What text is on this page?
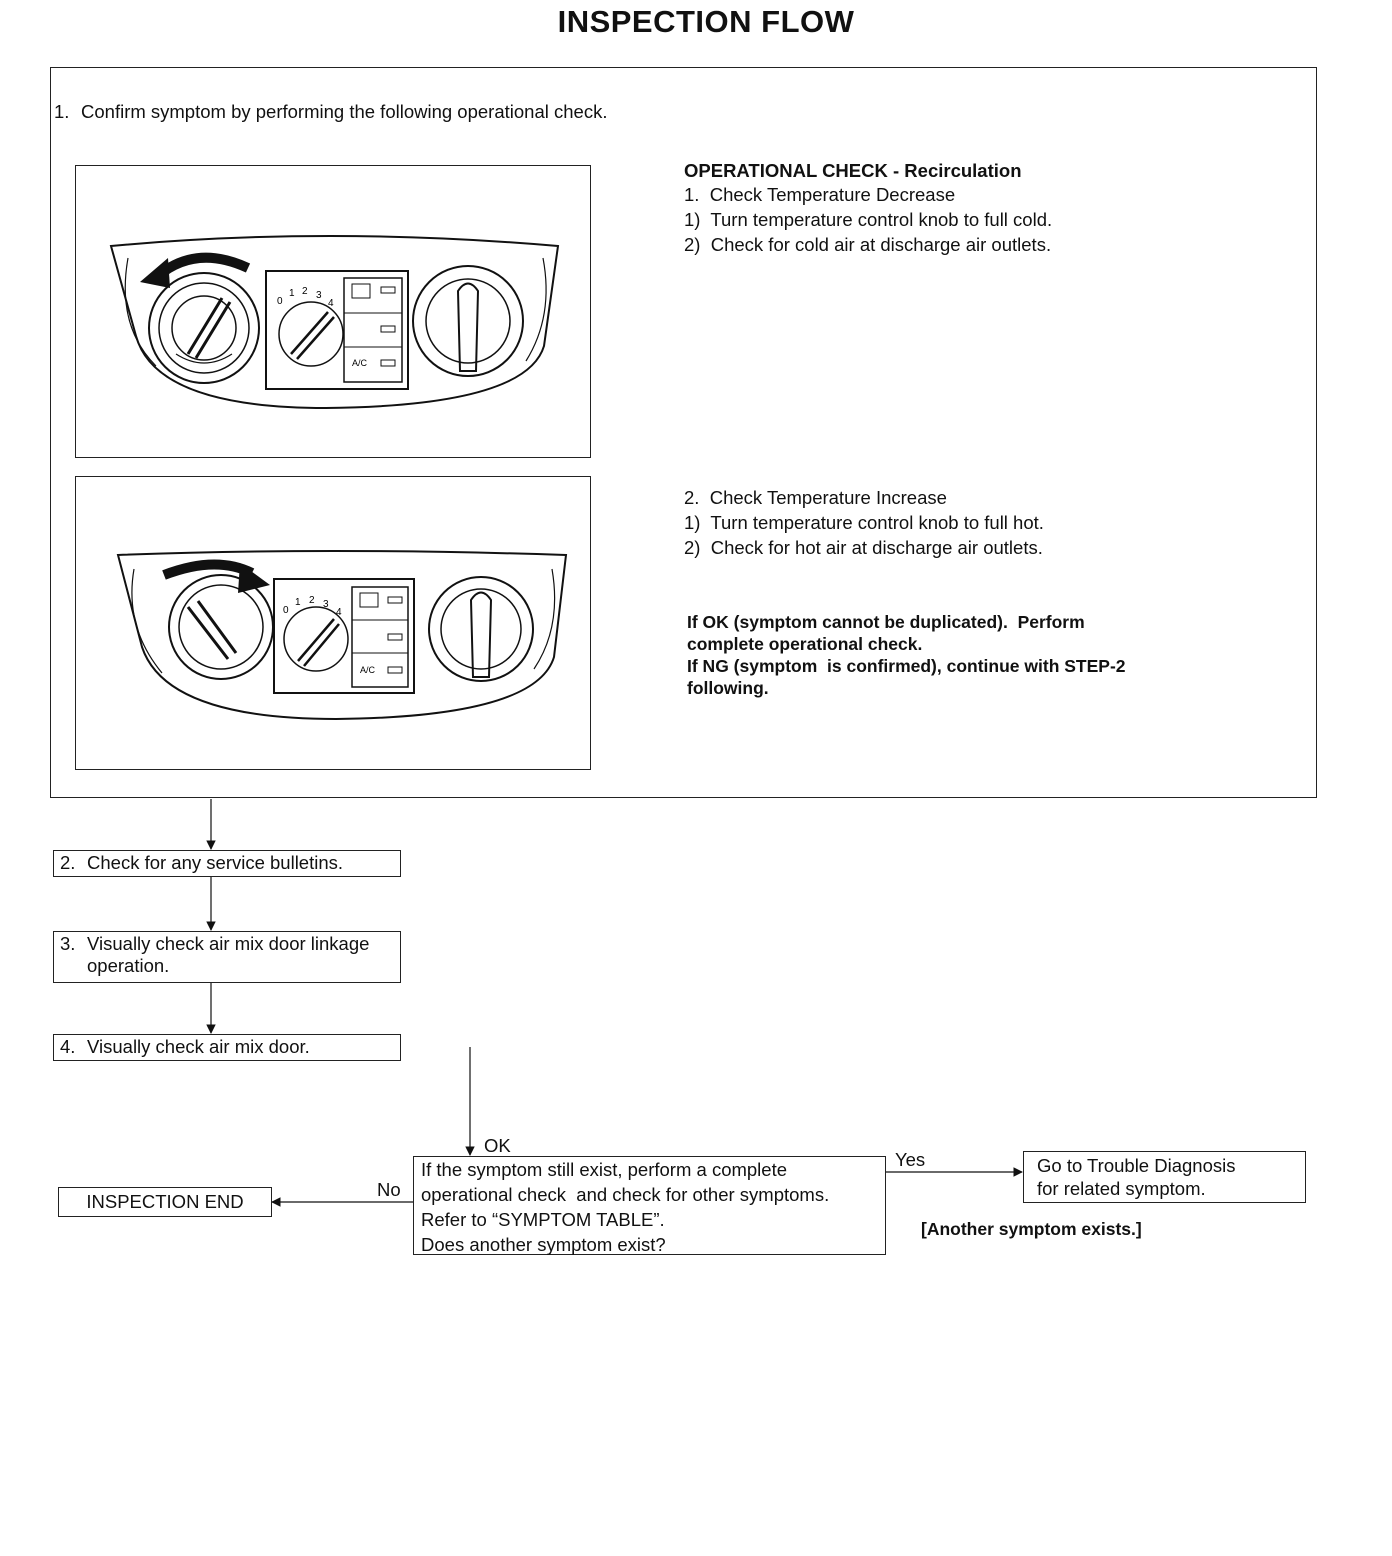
INSPECTION FLOW
1. Confirm symptom by performing the following operational check.
0
1 2 3
4
A/C
0
1 2 3
4
A/C
OPERATIONAL CHECK - Recirculation
1.  Check Temperature Decrease
1)  Turn temperature control knob to full cold.
2)  Check for cold air at discharge air outlets.
2.  Check Temperature Increase
1)  Turn temperature control knob to full hot.
2)  Check for hot air at discharge air outlets.
If OK (symptom cannot be duplicated).  Perform
complete operational check.
If NG (symptom  is confirmed), continue with STEP-2
following.
2. Check for any service bulletins.
3. Visually check air mix door linkage
operation.
4. Visually check air mix door.
OK
If the symptom still exist, perform a complete
operational check  and check for other symptoms.
Refer to “SYMPTOM TABLE”.
Does another symptom exist?
Yes
No
INSPECTION END
Go to Trouble Diagnosis
for related symptom.
[Another symptom exists.]
